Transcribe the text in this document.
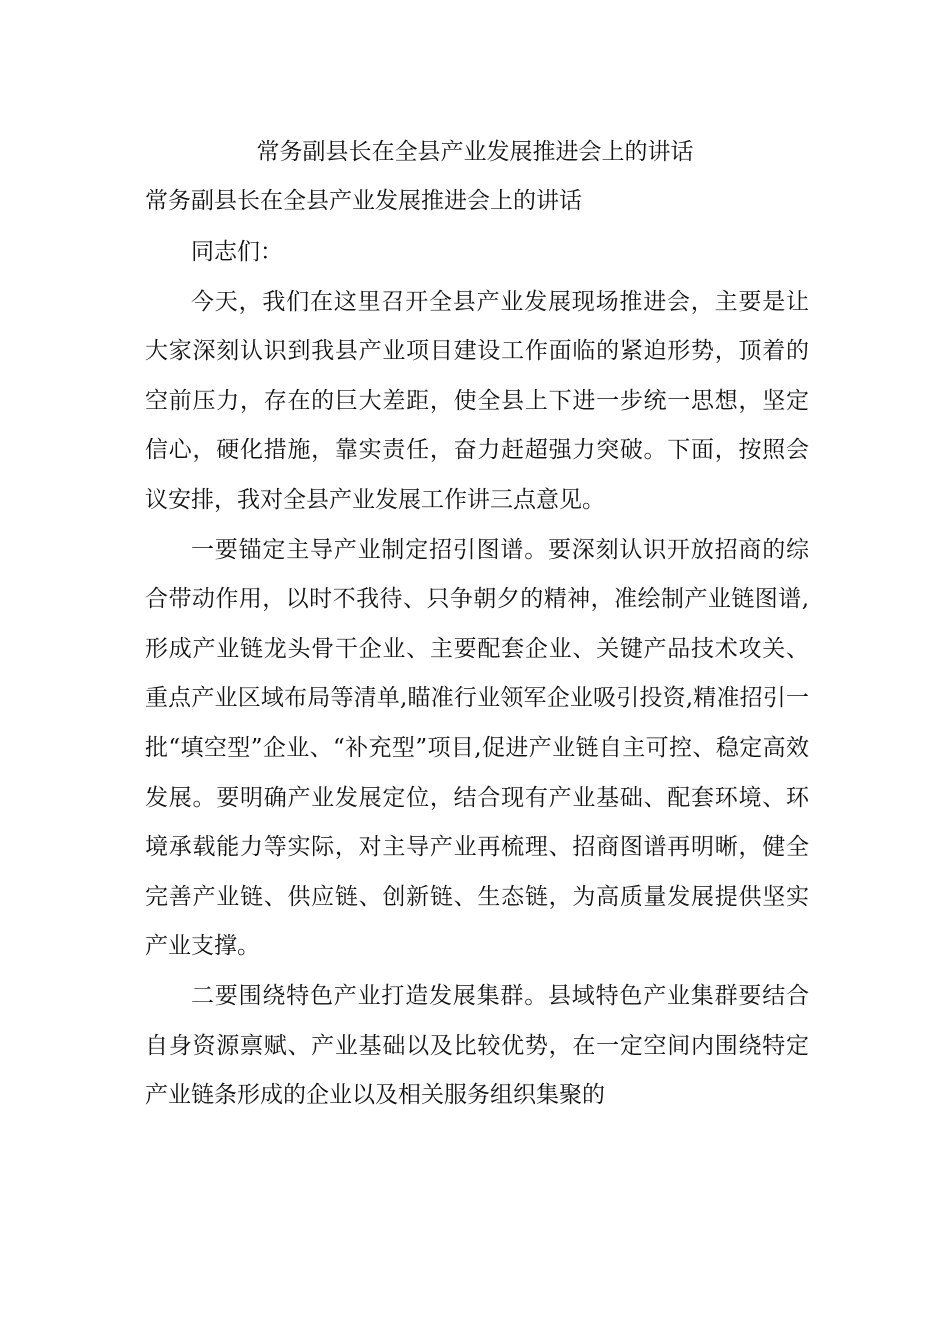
常务副县长在全县产业发展推进会上的讲话
常务副县长在全县产业发展推进会上的讲话

同志们：

今天，我们在这里召开全县产业发展现场推进会，主要是让大家深刻认识到我县产业项目建设工作面临的紧迫形势，顶着的空前压力，存在的巨大差距，使全县上下进一步统一思想，坚定信心，硬化措施，靠实责任，奋力赶超强力突破。下面，按照会议安排，我对全县产业发展工作讲三点意见。

一要锚定主导产业制定招引图谱。要深刻认识开放招商的综合带动作用，以时不我待、只争朝夕的精神，准绘制产业链图谱,形成产业链龙头骨干企业、主要配套企业、关键产品技术攻关、重点产业区域布局等清单,瞄准行业领军企业吸引投资,精准招引一批“填空型”企业、“补充型”项目,促进产业链自主可控、稳定高效发展。要明确产业发展定位，结合现有产业基础、配套环境、环境承载能力等实际，对主导产业再梳理、招商图谱再明晰，健全完善产业链、供应链、创新链、生态链，为高质量发展提供坚实产业支撑。

二要围绕特色产业打造发展集群。县域特色产业集群要结合自身资源禀赋、产业基础以及比较优势，在一定空间内围绕特定产业链条形成的企业以及相关服务组织集聚的
